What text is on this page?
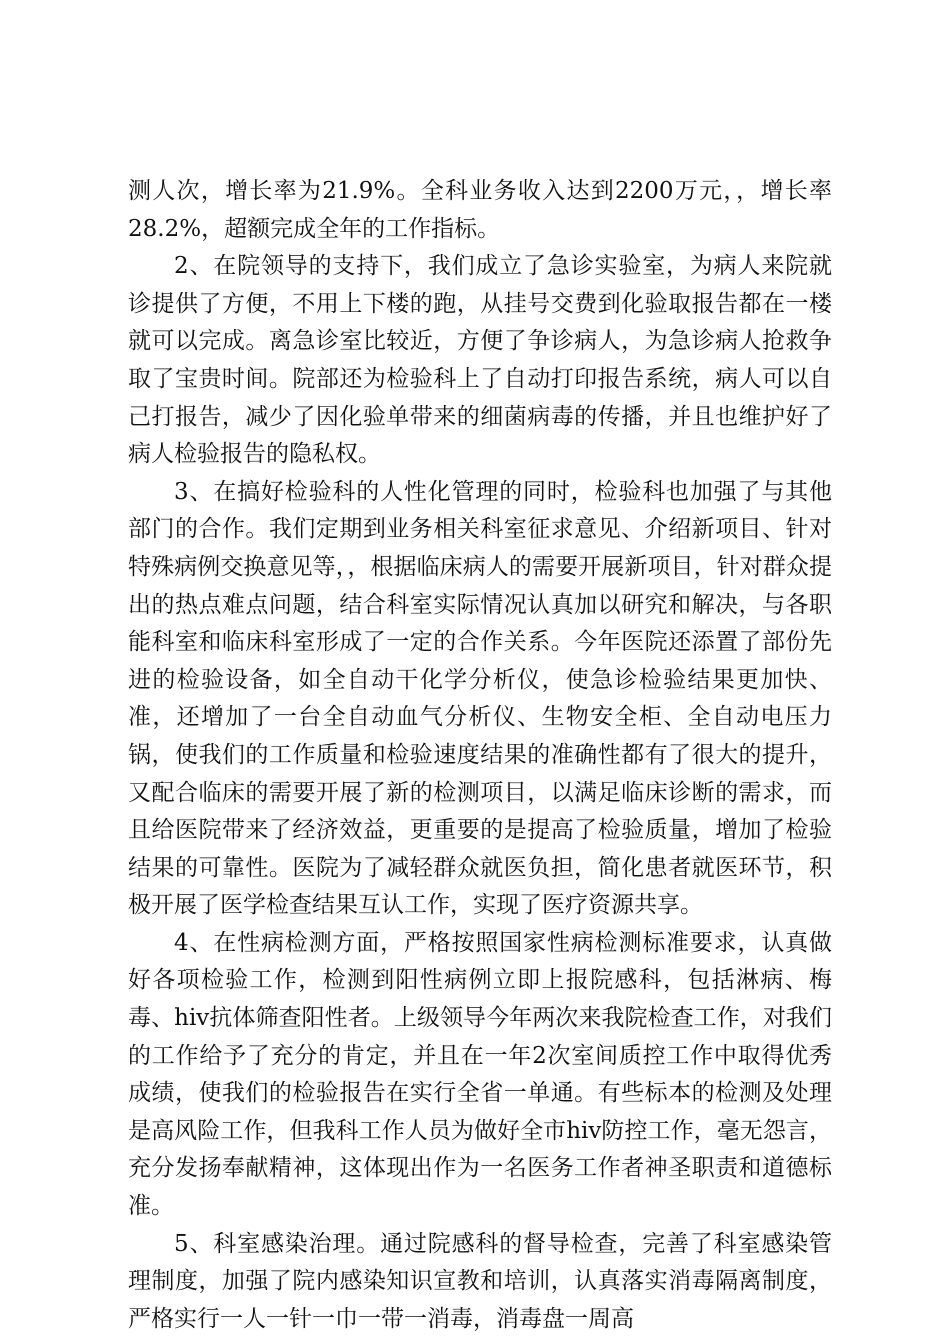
测人次，增长率为21.9%。全科业务收入达到2200万元，，增长率28.2%，超额完成全年的工作指标。

2、在院领导的支持下，我们成立了急诊实验室，为病人来院就诊提供了方便，不用上下楼的跑，从挂号交费到化验取报告都在一楼就可以完成。离急诊室比较近，方便了争诊病人，为急诊病人抢救争取了宝贵时间。院部还为检验科上了自动打印报告系统，病人可以自己打报告，减少了因化验单带来的细菌病毒的传播，并且也维护好了病人检验报告的隐私权。

3、在搞好检验科的人性化管理的同时，检验科也加强了与其他部门的合作。我们定期到业务相关科室征求意见、介绍新项目、针对特殊病例交换意见等，，根据临床病人的需要开展新项目，针对群众提出的热点难点问题，结合科室实际情况认真加以研究和解决，与各职能科室和临床科室形成了一定的合作关系。今年医院还添置了部份先进的检验设备，如全自动干化学分析仪，使急诊检验结果更加快、准，还增加了一台全自动血气分析仪、生物安全柜、全自动电压力锅，使我们的工作质量和检验速度结果的准确性都有了很大的提升，又配合临床的需要开展了新的检测项目，以满足临床诊断的需求，而且给医院带来了经济效益，更重要的是提高了检验质量，增加了检验结果的可靠性。医院为了减轻群众就医负担，简化患者就医环节，积极开展了医学检查结果互认工作，实现了医疗资源共享。

4、在性病检测方面，严格按照国家性病检测标准要求，认真做好各项检验工作，检测到阳性病例立即上报院感科，包括淋病、梅毒、hiv抗体筛查阳性者。上级领导今年两次来我院检查工作，对我们的工作给予了充分的肯定，并且在一年2次室间质控工作中取得优秀成绩，使我们的检验报告在实行全省一单通。有些标本的检测及处理是高风险工作，但我科工作人员为做好全市hiv防控工作，毫无怨言，充分发扬奉献精神，这体现出作为一名医务工作者神圣职责和道德标准。

5、科室感染治理。通过院感科的督导检查，完善了科室感染管理制度，加强了院内感染知识宣教和培训，认真落实消毒隔离制度，严格实行一人一针一巾一带一消毒，消毒盘一周高
